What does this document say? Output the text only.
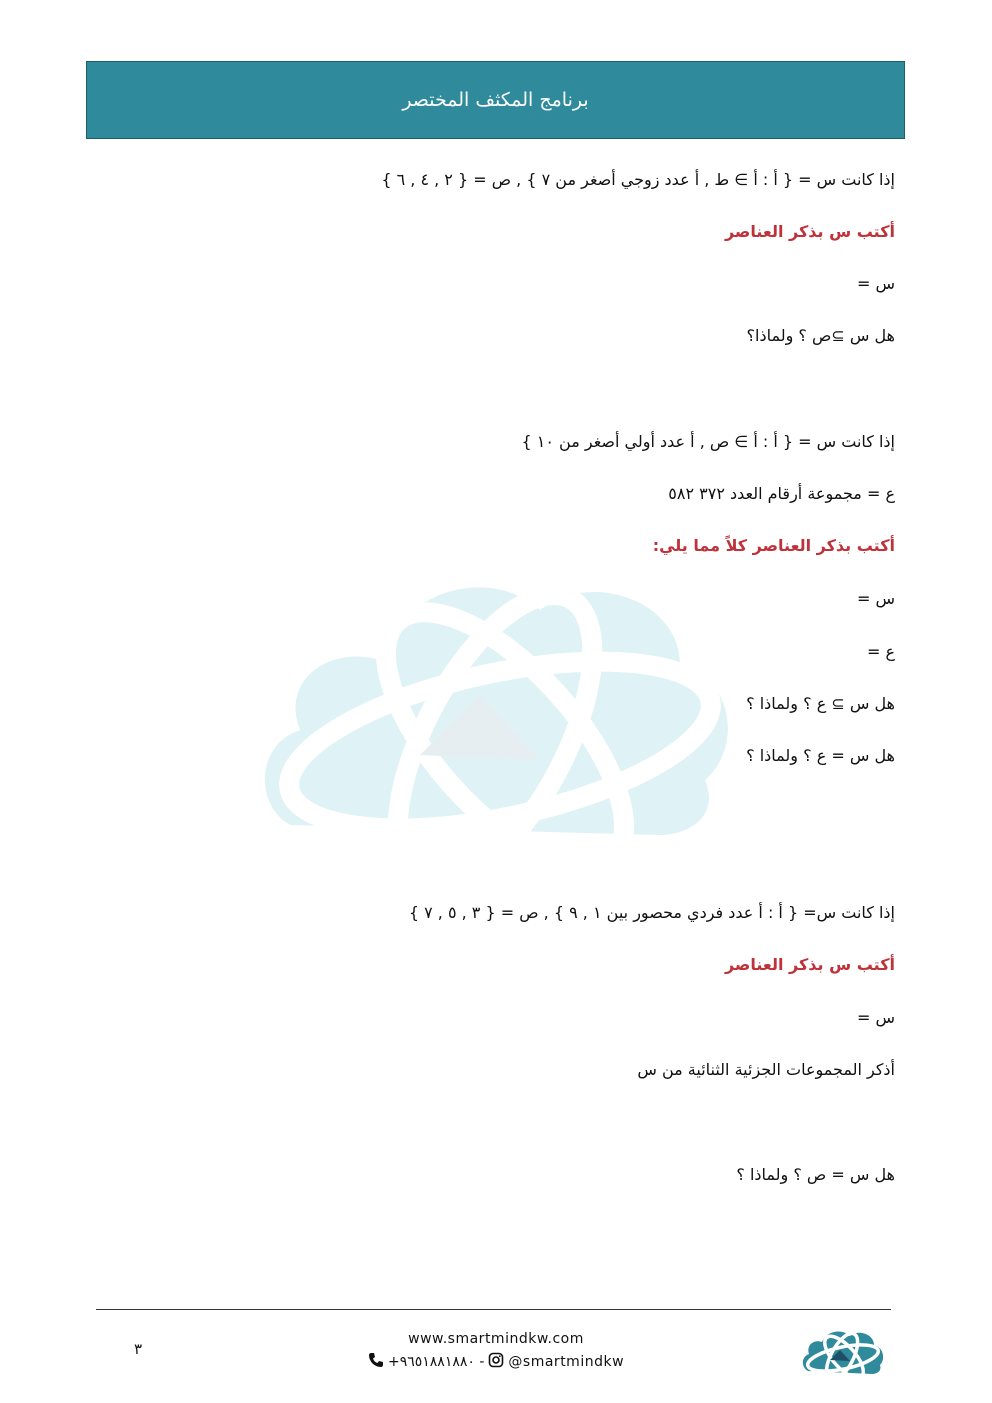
برنامج المكثف المختصر
إذا كانت س = { أ : أ ∋ ط , أ عدد زوجي أصغر من ٧ } , ص = { ٢ , ٤ , ٦ }
أكتب س بذكر العناصر
س =
هل س ⊇ص ؟ ولماذا؟
إذا كانت س = { أ : أ ∋ ص , أ عدد أولي أصغر من ١٠ }
ع = مجموعة أرقام العدد ٣٧٢ ٥٨٢
أكتب بذكر العناصر كلاً مما يلي:
س =
ع =
هل س ⊇ ع ؟ ولماذا ؟
هل س = ع ؟ ولماذا ؟
إذا كانت س= { أ : أ عدد فردي محصور بين ١ , ٩ } , ص = { ٣ , ٥ , ٧ }
أكتب س بذكر العناصر
س =
أذكر المجموعات الجزئية الثنائية من س
هل س = ص ؟ ولماذا ؟
٣
www.smartmindkw.com
+٩٦٥١٨٨١٨٨٠ - @smartmindkw
